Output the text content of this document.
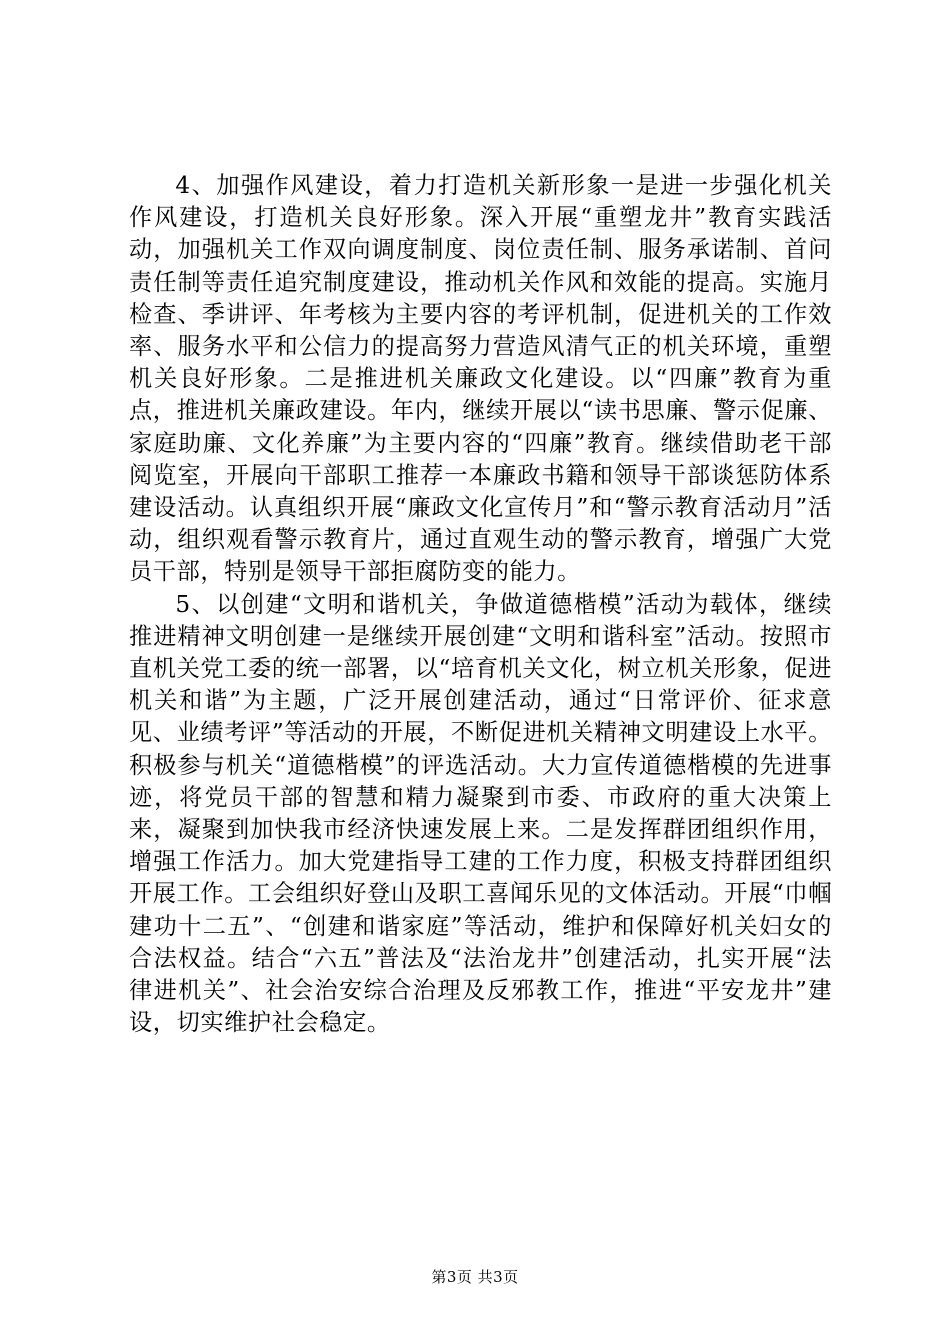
4、加强作风建设，着力打造机关新形象一是进一步强化机关作风建设，打造机关良好形象。深入开展“重塑龙井”教育实践活动，加强机关工作双向调度制度、岗位责任制、服务承诺制、首问责任制等责任追究制度建设，推动机关作风和效能的提高。实施月检查、季讲评、年考核为主要内容的考评机制，促进机关的工作效率、服务水平和公信力的提高努力营造风清气正的机关环境，重塑机关良好形象。二是推进机关廉政文化建设。以“四廉”教育为重点，推进机关廉政建设。年内，继续开展以“读书思廉、警示促廉、家庭助廉、文化养廉”为主要内容的“四廉”教育。继续借助老干部阅览室，开展向干部职工推荐一本廉政书籍和领导干部谈惩防体系建设活动。认真组织开展“廉政文化宣传月”和“警示教育活动月”活动，组织观看警示教育片，通过直观生动的警示教育，增强广大党员干部，特别是领导干部拒腐防变的能力。

5、以创建“文明和谐机关，争做道德楷模”活动为载体，继续推进精神文明创建一是继续开展创建“文明和谐科室”活动。按照市直机关党工委的统一部署，以“培育机关文化，树立机关形象，促进机关和谐”为主题，广泛开展创建活动，通过“日常评价、征求意见、业绩考评”等活动的开展，不断促进机关精神文明建设上水平。积极参与机关“道德楷模”的评选活动。大力宣传道德楷模的先进事迹，将党员干部的智慧和精力凝聚到市委、市政府的重大决策上来，凝聚到加快我市经济快速发展上来。二是发挥群团组织作用，增强工作活力。加大党建指导工建的工作力度，积极支持群团组织开展工作。工会组织好登山及职工喜闻乐见的文体活动。开展“巾帼建功十二五”、“创建和谐家庭”等活动，维护和保障好机关妇女的合法权益。结合“六五”普法及“法治龙井”创建活动，扎实开展“法律进机关”、社会治安综合治理及反邪教工作，推进“平安龙井”建设，切实维护社会稳定。

第3页 共3页
